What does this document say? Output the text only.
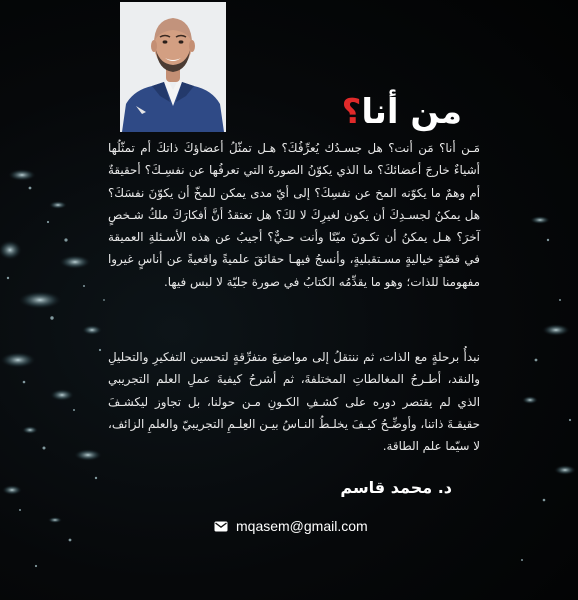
من أنا؟

مَـن أنا؟ مَن أنت؟ هل جسـدُك يُعرِّفُكَ؟ هـل تمثّلُ أعضاؤكَ ذاتكَ أم تمثّلُها أشياءٌ خارجَ أعضائكَ؟ ما الذي يكوّنُ الصورةَ التي تعرفُها عن نفسِـكَ؟ أحقيقةٌ أم وهمٌ ما يكوّنه المخ عن نفسِكَ؟ إلى أيّ مدى يمكن للمخّ أن يكوّنَ نفسَكَ؟ هل يمكنُ لجسـدِكَ أن يكون لغيرِكَ لا لكَ؟ هل تعتقدُ أنَّ أفكارَكَ ملكُ شـخصٍ آخرَ؟ هـل يمكنُ أن تكـونَ ميّتًا وأنت حـيٌّ؟ أجيبُ عن هذه الأسـئلةِ العميقة في قصّةٍ خياليةٍ مسـتقبليةٍ، وأنسجُ فيهـا حقائقَ علميةً واقعيةً عن أناسٍ غيروا مفهومنا للذات؛ وهو ما يقدِّمُه الكتابُ في صورة جليّة لا لبس فيها.

نبدأُ برحلةٍ مع الذات، ثم ننتقلُ إلى مواضيعَ متفرِّقةٍ لتحسين التفكيرِ والتحليلِ والنقد، أطـرحُ المغالطاتِ المختلفةَ، ثم أشرحُ كيفيةَ عملِ العلم التجريبي الذي لم يقتصر دوره على كشـفِ الكـونِ مـن حولنا، بل تجاوز ليكشـفَ حقيقـةَ ذاتنا، وأوضِّـحُ كيـفَ يخلـطُ النـاسُ بيـن العِلـمِ التجريبيّ والعلمِ الزائف، لا سيّما علم الطاقة.

د. محمد قاسم
mqasem@gmail.com
